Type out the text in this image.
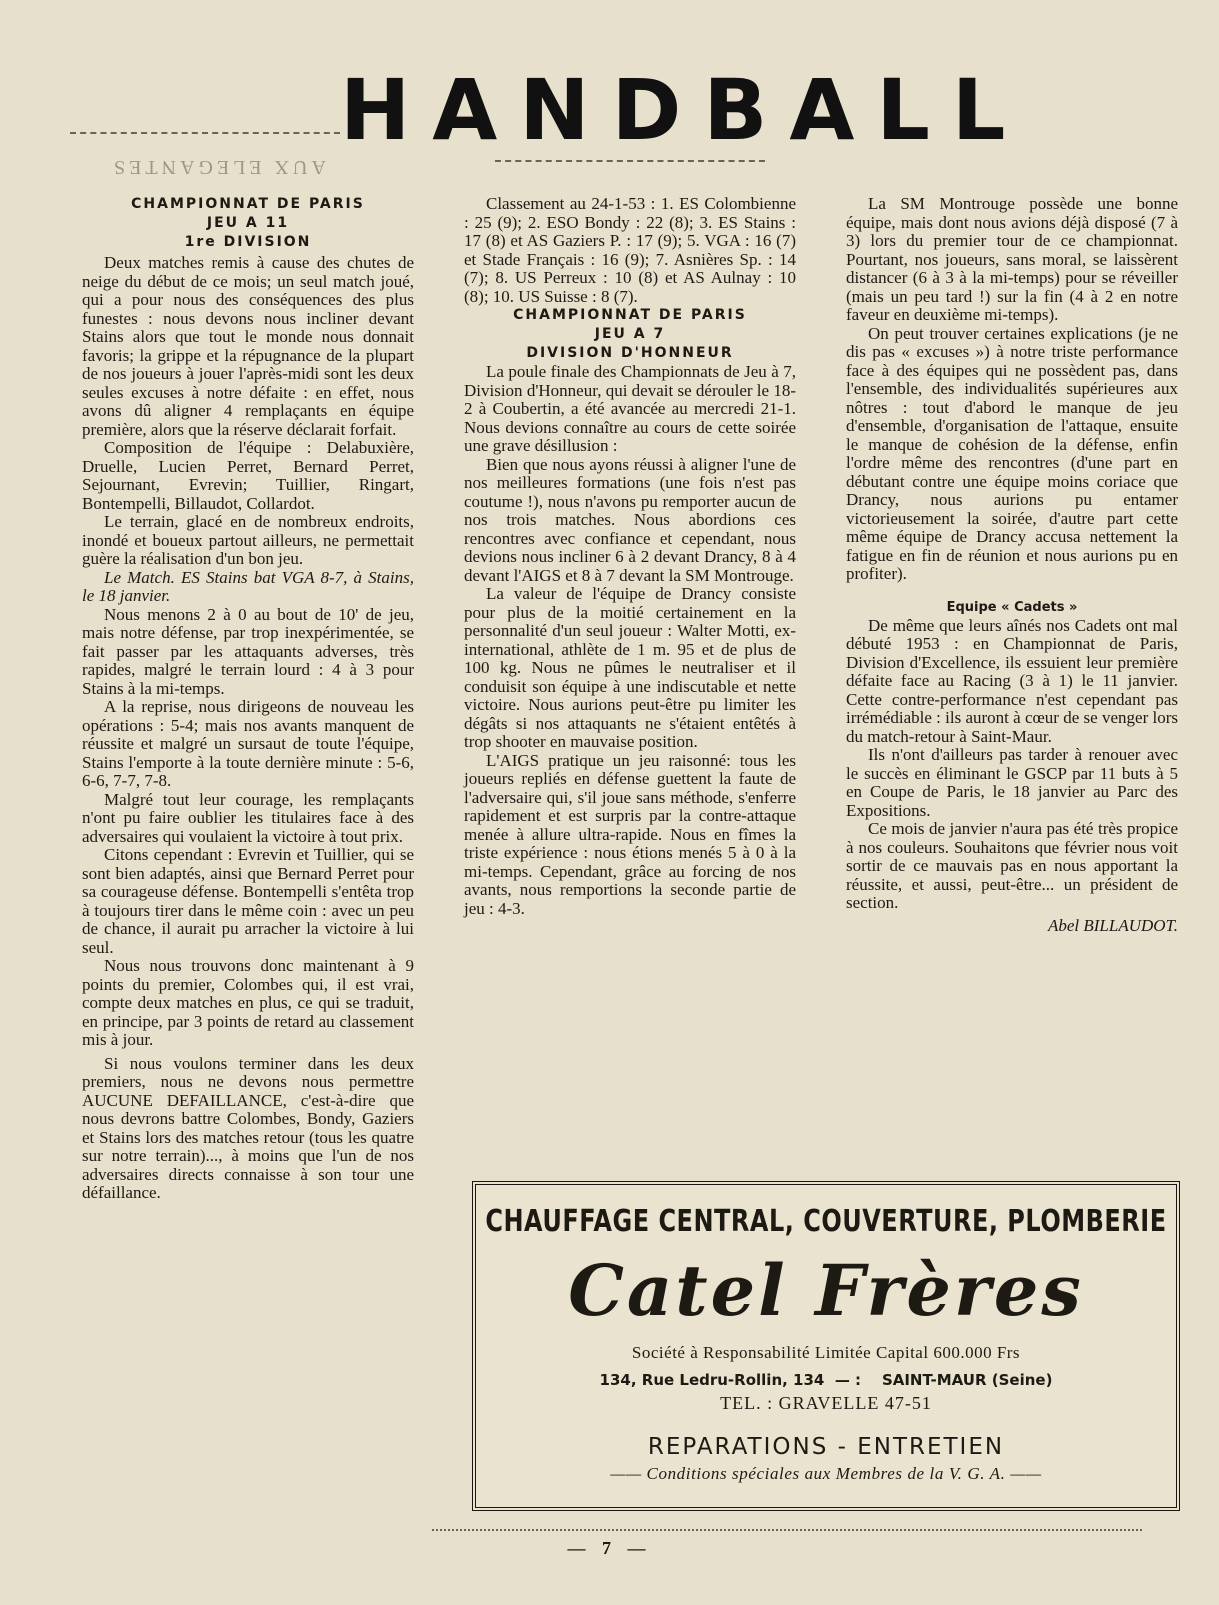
HANDBALL
AUX ELEGANTES
CHAMPIONNAT DE PARIS
JEU A 11
1re DIVISION

Deux matches remis à cause des chutes de neige du début de ce mois; un seul match joué, qui a pour nous des conséquences des plus funestes : nous devons nous incliner devant Stains alors que tout le monde nous donnait favoris; la grippe et la répugnance de la plupart de nos joueurs à jouer l'après-midi sont les deux seules excuses à notre défaite : en effet, nous avons dû aligner 4 remplaçants en équipe première, alors que la réserve déclarait forfait.

Composition de l'équipe : Delabuxière, Druelle, Lucien Perret, Bernard Perret, Sejournant, Evrevin; Tuillier, Ringart, Bontempelli, Billaudot, Collardot.

Le terrain, glacé en de nombreux endroits, inondé et boueux partout ailleurs, ne permettait guère la réalisation d'un bon jeu.

Le Match. ES Stains bat VGA 8-7, à Stains, le 18 janvier.

Nous menons 2 à 0 au bout de 10' de jeu, mais notre défense, par trop inexpérimentée, se fait passer par les attaquants adverses, très rapides, malgré le terrain lourd : 4 à 3 pour Stains à la mi-temps.

A la reprise, nous dirigeons de nouveau les opérations : 5-4; mais nos avants manquent de réussite et malgré un sursaut de toute l'équipe, Stains l'emporte à la toute dernière minute : 5-6, 6-6, 7-7, 7-8.

Malgré tout leur courage, les remplaçants n'ont pu faire oublier les titulaires face à des adversaires qui voulaient la victoire à tout prix.

Citons cependant : Evrevin et Tuillier, qui se sont bien adaptés, ainsi que Bernard Perret pour sa courageuse défense. Bontempelli s'entêta trop à toujours tirer dans le même coin : avec un peu de chance, il aurait pu arracher la victoire à lui seul.

Nous nous trouvons donc maintenant à 9 points du premier, Colombes qui, il est vrai, compte deux matches en plus, ce qui se traduit, en principe, par 3 points de retard au classement mis à jour.

Si nous voulons terminer dans les deux premiers, nous ne devons nous permettre AUCUNE DEFAILLANCE, c'est-à-dire que nous devrons battre Colombes, Bondy, Gaziers et Stains lors des matches retour (tous les quatre sur notre terrain)..., à moins que l'un de nos adversaires directs connaisse à son tour une défaillance.

Classement au 24-1-53 : 1. ES Colombienne : 25 (9); 2. ESO Bondy : 22 (8); 3. ES Stains : 17 (8) et AS Gaziers P. : 17 (9); 5. VGA : 16 (7) et Stade Français : 16 (9); 7. Asnières Sp. : 14 (7); 8. US Perreux : 10 (8) et AS Aulnay : 10 (8); 10. US Suisse : 8 (7).

CHAMPIONNAT DE PARIS
JEU A 7
DIVISION D'HONNEUR

La poule finale des Championnats de Jeu à 7, Division d'Honneur, qui devait se dérouler le 18-2 à Coubertin, a été avancée au mercredi 21-1. Nous devions connaître au cours de cette soirée une grave désillusion :

Bien que nous ayons réussi à aligner l'une de nos meilleures formations (une fois n'est pas coutume !), nous n'avons pu remporter aucun de nos trois matches. Nous abordions ces rencontres avec confiance et cependant, nous devions nous incliner 6 à 2 devant Drancy, 8 à 4 devant l'AIGS et 8 à 7 devant la SM Montrouge.

La valeur de l'équipe de Drancy consiste pour plus de la moitié certainement en la personnalité d'un seul joueur : Walter Motti, ex-international, athlète de 1 m. 95 et de plus de 100 kg. Nous ne pûmes le neutraliser et il conduisit son équipe à une indiscutable et nette victoire. Nous aurions peut-être pu limiter les dégâts si nos attaquants ne s'étaient entêtés à trop shooter en mauvaise position.

L'AIGS pratique un jeu raisonné: tous les joueurs repliés en défense guettent la faute de l'adversaire qui, s'il joue sans méthode, s'enferre rapidement et est surpris par la contre-attaque menée à allure ultra-rapide. Nous en fîmes la triste expérience : nous étions menés 5 à 0 à la mi-temps. Cependant, grâce au forcing de nos avants, nous remportions la seconde partie de jeu : 4-3.

La SM Montrouge possède une bonne équipe, mais dont nous avions déjà disposé (7 à 3) lors du premier tour de ce championnat. Pourtant, nos joueurs, sans moral, se laissèrent distancer (6 à 3 à la mi-temps) pour se réveiller (mais un peu tard !) sur la fin (4 à 2 en notre faveur en deuxième mi-temps).

On peut trouver certaines explications (je ne dis pas « excuses ») à notre triste performance face à des équipes qui ne possèdent pas, dans l'ensemble, des individualités supérieures aux nôtres : tout d'abord le manque de jeu d'ensemble, d'organisation de l'attaque, ensuite le manque de cohésion de la défense, enfin l'ordre même des rencontres (d'une part en débutant contre une équipe moins coriace que Drancy, nous aurions pu entamer victorieusement la soirée, d'autre part cette même équipe de Drancy accusa nettement la fatigue en fin de réunion et nous aurions pu en profiter).

Equipe « Cadets »

De même que leurs aînés nos Cadets ont mal débuté 1953 : en Championnat de Paris, Division d'Excellence, ils essuient leur première défaite face au Racing (3 à 1) le 11 janvier. Cette contre-performance n'est cependant pas irrémédiable : ils auront à cœur de se venger lors du match-retour à Saint-Maur.

Ils n'ont d'ailleurs pas tarder à renouer avec le succès en éliminant le GSCP par 11 buts à 5 en Coupe de Paris, le 18 janvier au Parc des Expositions.

Ce mois de janvier n'aura pas été très propice à nos couleurs. Souhaitons que février nous voit sortir de ce mauvais pas en nous apportant la réussite, et aussi, peut-être... un président de section.

Abel BILLAUDOT.

CHAUFFAGE CENTRAL, COUVERTURE, PLOMBERIE
Catel Frères
Société à Responsabilité Limitée Capital 600.000 Frs
134, Rue Ledru-Rollin, 134  — :    SAINT-MAUR (Seine)
TEL. : GRAVELLE 47-51
REPARATIONS - ENTRETIEN
—— Conditions spéciales aux Membres de la V. G. A. ——
— 7 —
